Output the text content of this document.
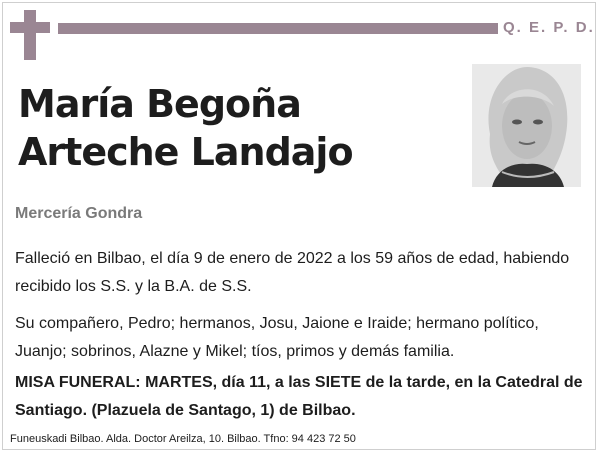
Q. E. P. D.
María Begoña
Arteche Landajo
Mercería Gondra

Falleció en Bilbao, el día 9 de enero de 2022 a los 59 años de edad, habiendo recibido los S.S. y la B.A. de S.S.

Su compañero, Pedro; hermanos, Josu, Jaione e Iraide; hermano político, Juanjo; sobrinos, Alazne y Mikel; tíos, primos y demás familia.

MISA FUNERAL: MARTES, día 11, a las SIETE de la tarde, en la Catedral de Santiago. (Plazuela de Santago, 1) de Bilbao.

Funeuskadi Bilbao. Alda. Doctor Areilza, 10. Bilbao. Tfno: 94 423 72 50
